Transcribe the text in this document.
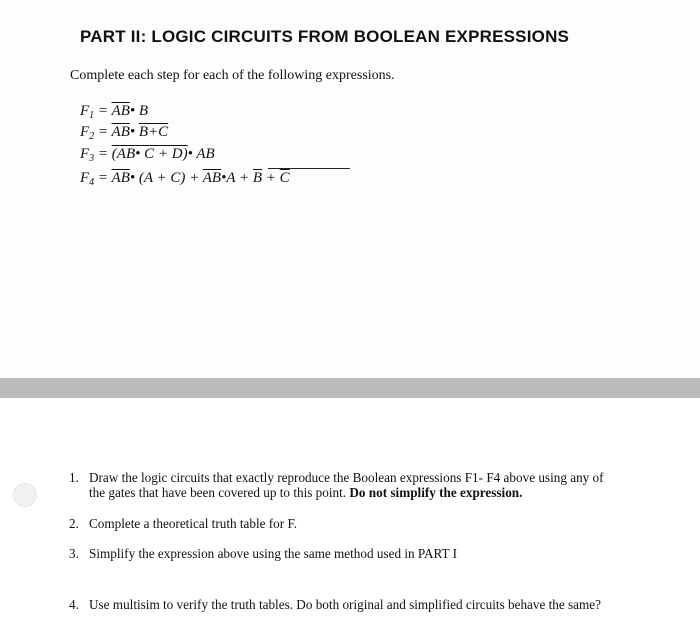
PART II: LOGIC CIRCUITS FROM BOOLEAN EXPRESSIONS

Complete each step for each of the following expressions.

$F_1$ = $\overline{AB}•$ B
$F_2$ = $\overline{AB}•$ B+C
$F_3$ = (AB• C + D)• AB
$F_4$ = $\overline{AB}•$ $(A + C) + \overline{AB}•A + \overline{B} + \overline{C}$
1. Draw the logic circuits that exactly reproduce the Boolean expressions F1- F4 above using any of the gates that have been covered up to this point. Do not simplify the expression.
2. Complete a theoretical truth table for F.
3. Simplify the expression above using the same method used in PART I
4. Use multisim to verify the truth tables. Do both original and simplified circuits behave the same?
